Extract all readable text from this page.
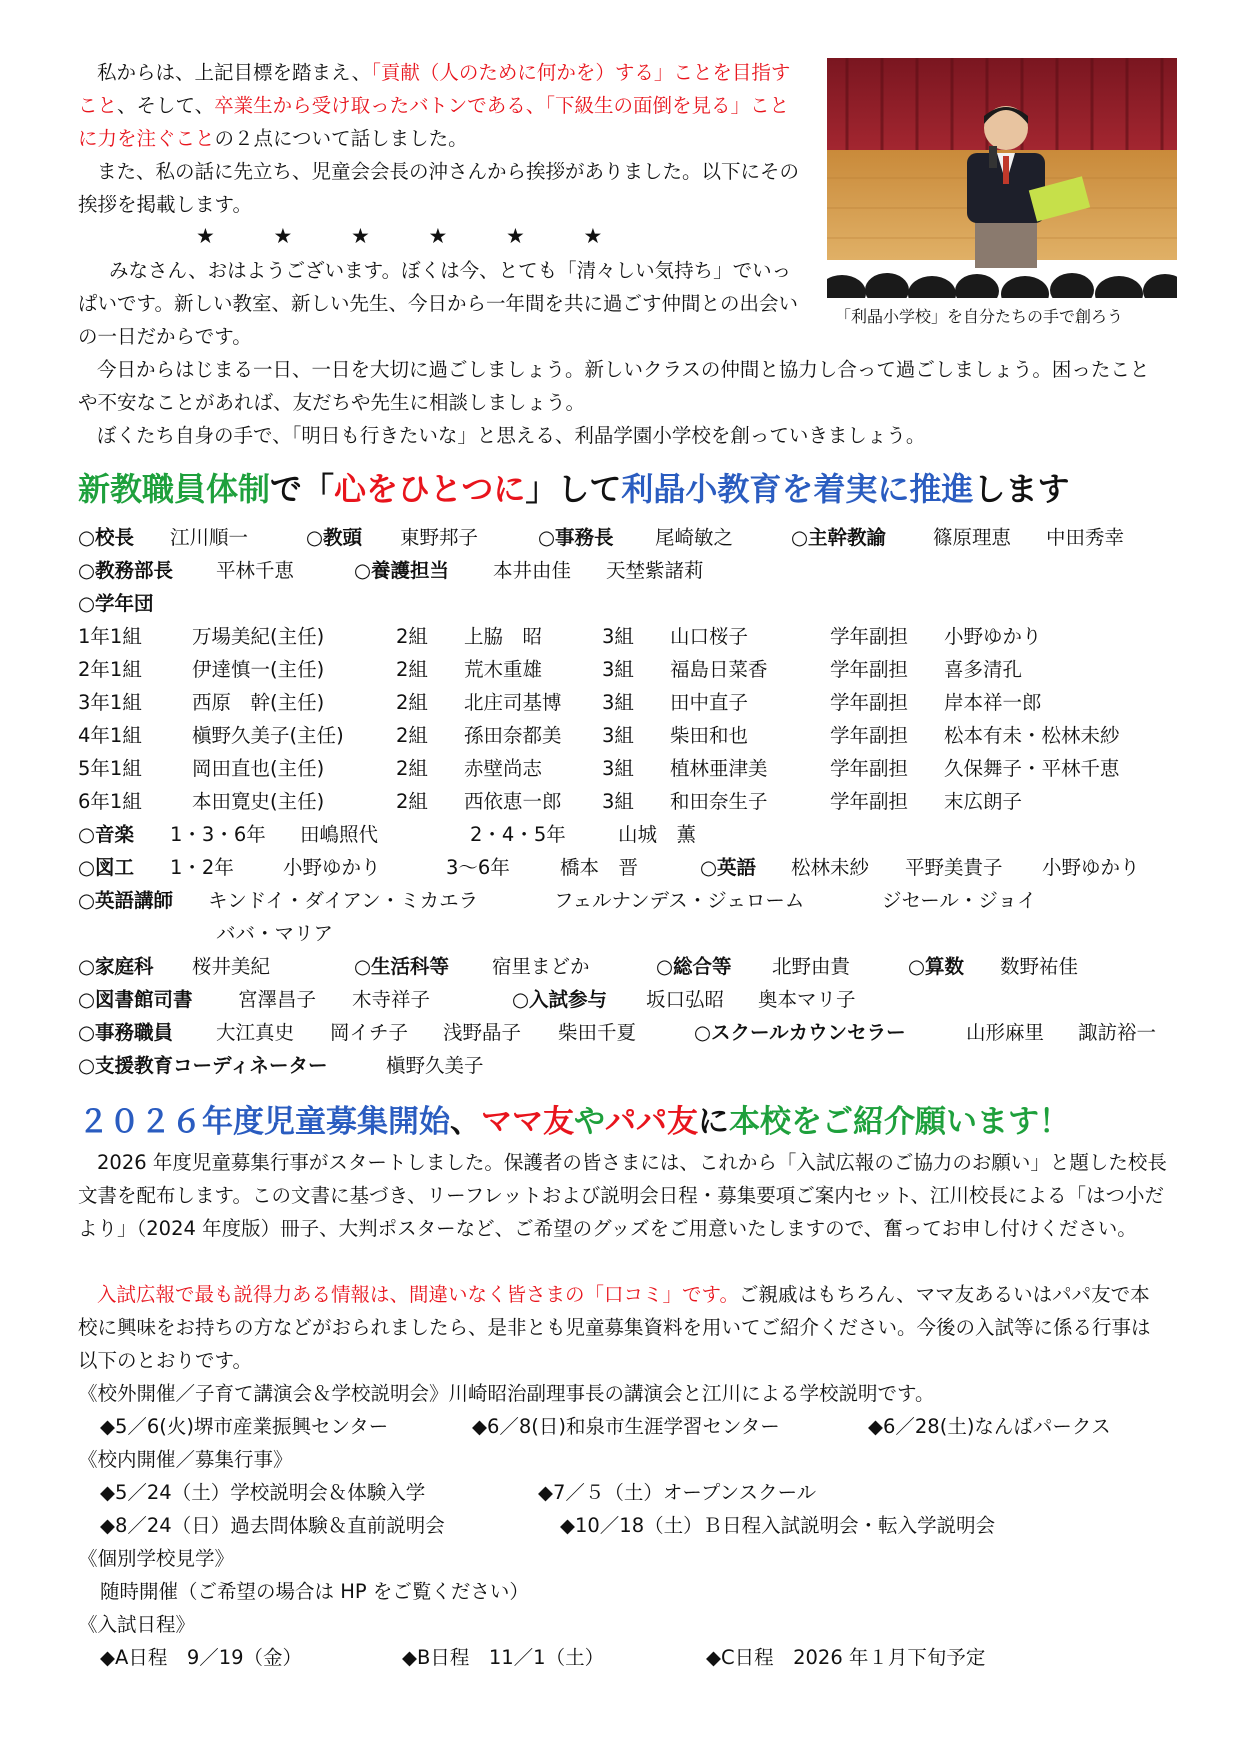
私からは、上記目標を踏まえ、「貢献（人のために何かを）する」ことを目指すこと、そして、卒業生から受け取ったバトンである、「下級生の面倒を見る」ことに力を注ぐことの２点について話しました。

また、私の話に先立ち、児童会会長の沖さんから挨拶がありました。以下にその挨拶を掲載します。

★ ★ ★ ★ ★ ★

みなさん、おはようございます。ぼくは今、とても「清々しい気持ち」でいっぱいです。新しい教室、新しい先生、今日から一年間を共に過ごす仲間との出会いの一日だからです。

今日からはじまる一日、一日を大切に過ごしましょう。新しいクラスの仲間と協力し合って過ごしましょう。困ったことや不安なことがあれば、友だちや先生に相談しましょう。

ぼくたち自身の手で、「明日も行きたいな」と思える、利晶学園小学校を創っていきましょう。

「利晶小学校」を自分たちの手で創ろう
新教職員体制で「心をひとつに」して利晶小教育を着実に推進します
○校長 江川順一	○教頭 東野邦子	○事務長 尾崎敏之	○主幹教諭 篠原理恵 中田秀幸
○教務部長 平林千恵	○養護担当 本井由佳 天埜紫諸莉
○学年団
1年1組	万場美紀(主任)	2組 上脇　昭	3組 山口桜子	学年副担 小野ゆかり
2年1組	伊達慎一(主任)	2組 荒木重雄	3組 福島日菜香	学年副担 喜多清孔
3年1組	西原　幹(主任)	2組 北庄司基博 3組 田中直子	学年副担 岸本祥一郎
4年1組	槇野久美子(主任)	2組 孫田奈都美 3組 柴田和也	学年副担 松本有未・松林未紗
5年1組	岡田直也(主任)	2組 赤壁尚志	3組 植林亜津美	学年副担 久保舞子・平林千恵
6年1組	本田寛史(主任)	2組 西依恵一郎 3組 和田奈生子	学年副担 末広朗子
○音楽 1・3・6年 田嶋照代	2・4・5年	山城　薫
○図工 1・2年	小野ゆかり	3～6年	橋本　晋	○英語 松林未紗 平野美貴子 小野ゆかり
○英語講師 キンドイ・ダイアン・ミカエラ	フェルナンデス・ジェローム	ジセール・ジョイ
ババ・マリア
○家庭科 桜井美紀	○生活科等 宿里まどか	○総合等 北野由貴	○算数 数野祐佳
○図書館司書 宮澤昌子 木寺祥子	○入試参与 坂口弘昭 奥本マリ子
○事務職員 大江真史 岡イチ子 浅野晶子 柴田千夏	○スクールカウンセラー	山形麻里 諏訪裕一
○支援教育コーディネーター	槇野久美子
２０２６年度児童募集開始、ママ友やパパ友に本校をご紹介願います！

2026 年度児童募集行事がスタートしました。保護者の皆さまには、これから「入試広報のご協力のお願い」と題した校長文書を配布します。この文書に基づき、リーフレットおよび説明会日程・募集要項ご案内セット、江川校長による「はつ小だより」（2024 年度版）冊子、大判ポスターなど、ご希望のグッズをご用意いたしますので、奮ってお申し付けください。

入試広報で最も説得力ある情報は、間違いなく皆さまの「口コミ」です。ご親戚はもちろん、ママ友あるいはパパ友で本校に興味をお持ちの方などがおられましたら、是非とも児童募集資料を用いてご紹介ください。今後の入試等に係る行事は以下のとおりです。

《校外開催／子育て講演会＆学校説明会》川崎昭治副理事長の講演会と江川による学校説明です。
◆5／6(火)堺市産業振興センター	◆6／8(日)和泉市生涯学習センター	◆6／28(土)なんばパークス
《校内開催／募集行事》
◆5／24（土）学校説明会＆体験入学	◆7／５（土）オープンスクール
◆8／24（日）過去問体験＆直前説明会	◆10／18（土）Ｂ日程入試説明会・転入学説明会
《個別学校見学》
随時開催（ご希望の場合は HP をご覧ください）
《入試日程》
◆A日程　9／19（金）	◆B日程　11／1（土）	◆C日程　2026 年１月下旬予定
